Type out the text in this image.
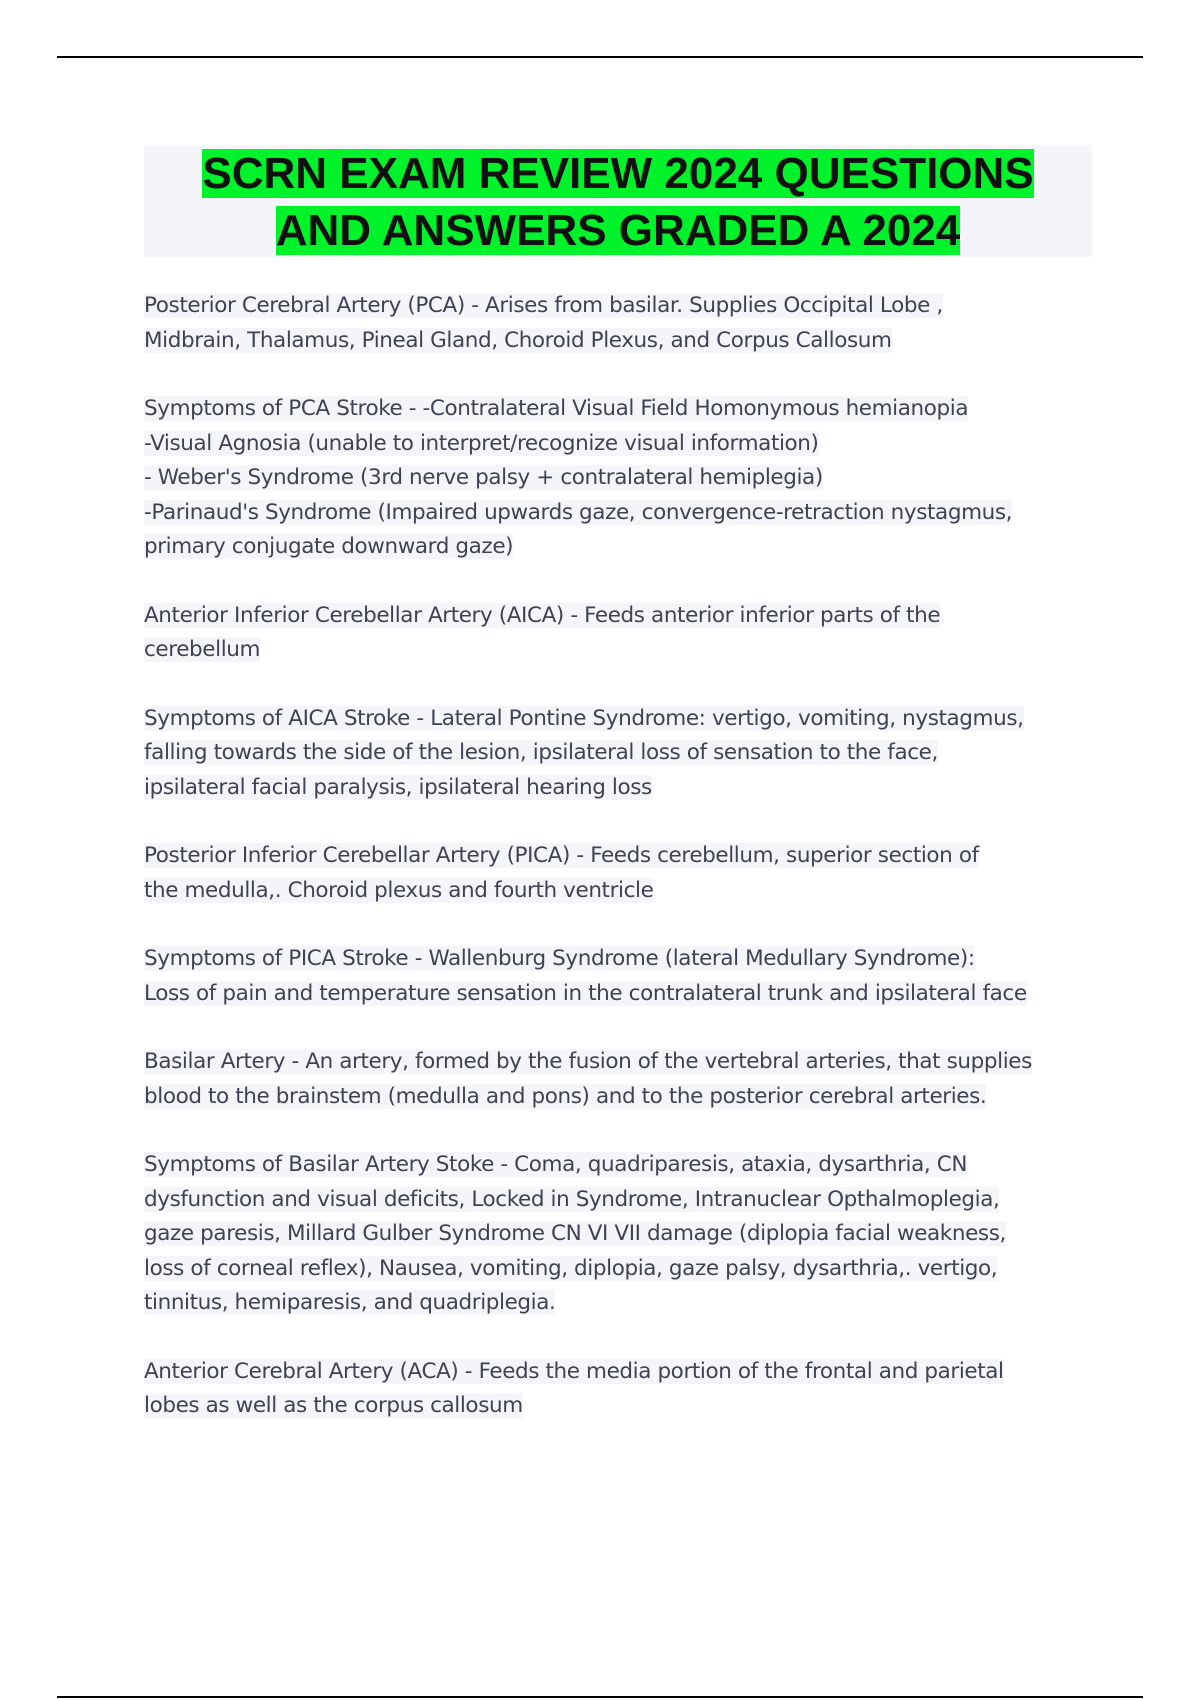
SCRN EXAM REVIEW 2024 QUESTIONS
AND ANSWERS GRADED A 2024

Posterior Cerebral Artery (PCA) - Arises from basilar. Supplies Occipital Lobe ,Midbrain, Thalamus, Pineal Gland, Choroid Plexus, and Corpus Callosum

Symptoms of PCA Stroke - -Contralateral Visual Field Homonymous hemianopia-Visual Agnosia (unable to interpret/recognize visual information)- Weber's Syndrome (3rd nerve palsy + contralateral hemiplegia)-Parinaud's Syndrome (Impaired upwards gaze, convergence-retraction nystagmus,primary conjugate downward gaze)

Anterior Inferior Cerebellar Artery (AICA) - Feeds anterior inferior parts of thecerebellum

Symptoms of AICA Stroke - Lateral Pontine Syndrome: vertigo, vomiting, nystagmus,falling towards the side of the lesion, ipsilateral loss of sensation to the face,ipsilateral facial paralysis, ipsilateral hearing loss

Posterior Inferior Cerebellar Artery (PICA) - Feeds cerebellum, superior section ofthe medulla,. Choroid plexus and fourth ventricle

Symptoms of PICA Stroke - Wallenburg Syndrome (lateral Medullary Syndrome):Loss of pain and temperature sensation in the contralateral trunk and ipsilateral face

Basilar Artery - An artery, formed by the fusion of the vertebral arteries, that suppliesblood to the brainstem (medulla and pons) and to the posterior cerebral arteries.

Symptoms of Basilar Artery Stoke - Coma, quadriparesis, ataxia, dysarthria, CNdysfunction and visual deficits, Locked in Syndrome, Intranuclear Opthalmoplegia,gaze paresis, Millard Gulber Syndrome CN VI VII damage (diplopia facial weakness,loss of corneal reflex), Nausea, vomiting, diplopia, gaze palsy, dysarthria,. vertigo,tinnitus, hemiparesis, and quadriplegia.

Anterior Cerebral Artery (ACA) - Feeds the media portion of the frontal and parietallobes as well as the corpus callosum
